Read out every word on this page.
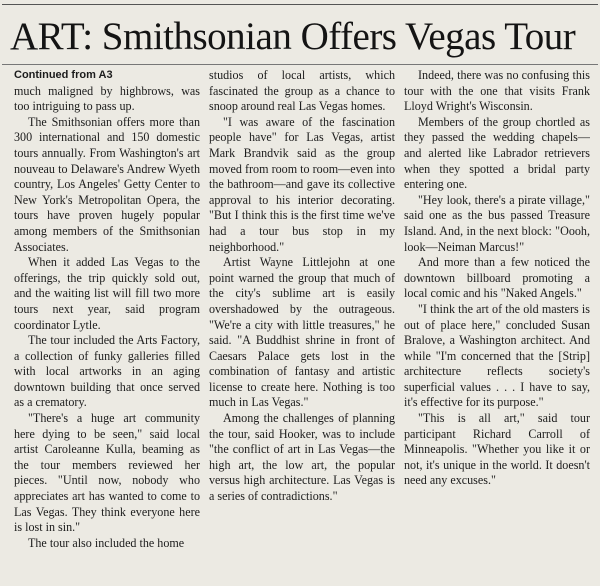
ART: Smithsonian Offers Vegas Tour
Continued from A3

much maligned by highbrows, was too intriguing to pass up.

The Smithsonian offers more than 300 international and 150 domestic tours annually. From Washington's art nouveau to Delaware's Andrew Wyeth country, Los Angeles' Getty Center to New York's Metropolitan Opera, the tours have proven hugely popular among members of the Smithsonian Associates.

When it added Las Vegas to the offerings, the trip quickly sold out, and the waiting list will fill two more tours next year, said program coordinator Lytle.

The tour included the Arts Factory, a collection of funky galleries filled with local artworks in an aging downtown building that once served as a crematory.

"There's a huge art community here dying to be seen," said local artist Caroleanne Kulla, beaming as the tour members reviewed her pieces. "Until now, nobody who appreciates art has wanted to come to Las Vegas. They think everyone here is lost in sin."

The tour also included the home

studios of local artists, which fascinated the group as a chance to snoop around real Las Vegas homes.

"I was aware of the fascination people have" for Las Vegas, artist Mark Brandvik said as the group moved from room to room—even into the bathroom—and gave its collective approval to his interior decorating. "But I think this is the first time we've had a tour bus stop in my neighborhood."

Artist Wayne Littlejohn at one point warned the group that much of the city's sublime art is easily overshadowed by the outrageous. "We're a city with little treasures," he said. "A Buddhist shrine in front of Caesars Palace gets lost in the combination of fantasy and artistic license to create here. Nothing is too much in Las Vegas."

Among the challenges of planning the tour, said Hooker, was to include "the conflict of art in Las Vegas—the high art, the low art, the popular versus high architecture. Las Vegas is a series of contradictions."

Indeed, there was no confusing this tour with the one that visits Frank Lloyd Wright's Wisconsin.

Members of the group chortled as they passed the wedding chapels—and alerted like Labrador retrievers when they spotted a bridal party entering one.

"Hey look, there's a pirate village," said one as the bus passed Treasure Island. And, in the next block: "Oooh, look—Neiman Marcus!"

And more than a few noticed the downtown billboard promoting a local comic and his "Naked Angels."

"I think the art of the old masters is out of place here," concluded Susan Bralove, a Washington architect. And while "I'm concerned that the [Strip] architecture reflects society's superficial values . . . I have to say, it's effective for its purpose."

"This is all art," said tour participant Richard Carroll of Minneapolis. "Whether you like it or not, it's unique in the world. It doesn't need any excuses."
